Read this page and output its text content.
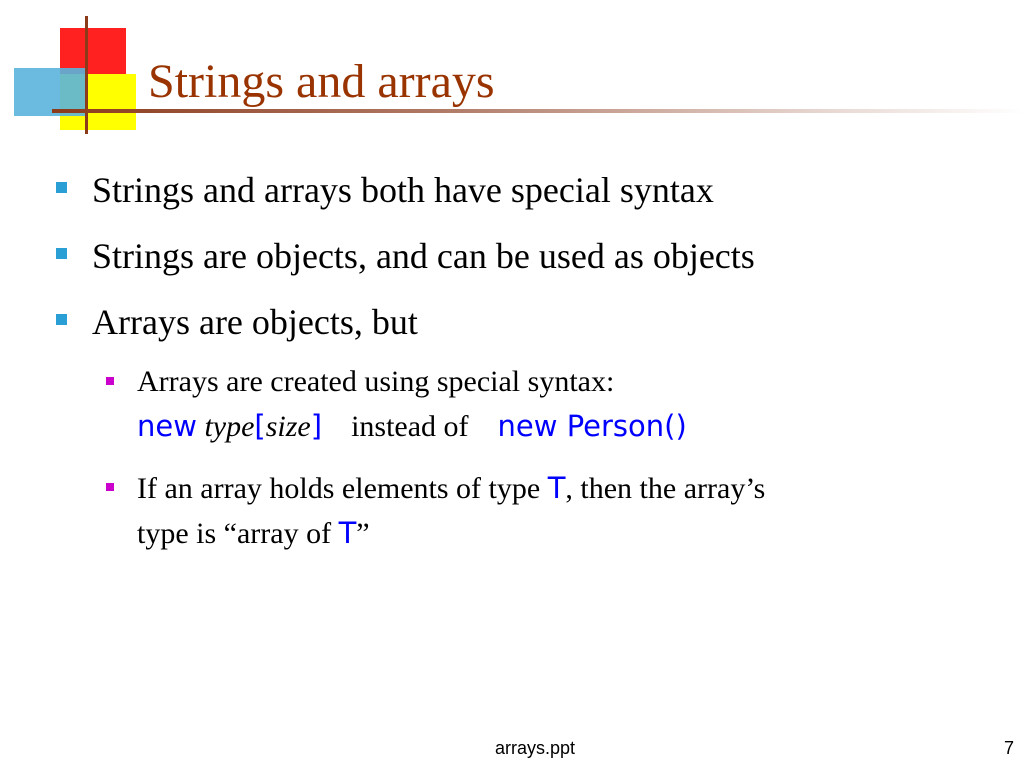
Strings and arrays
Strings and arrays both have special syntax
Strings are objects, and can be used as objects
Arrays are objects, but
Arrays are created using special syntax:
new type[size] instead of new Person()
If an array holds elements of type T, then the array’s
type is “array of T”
arrays.ppt	7
